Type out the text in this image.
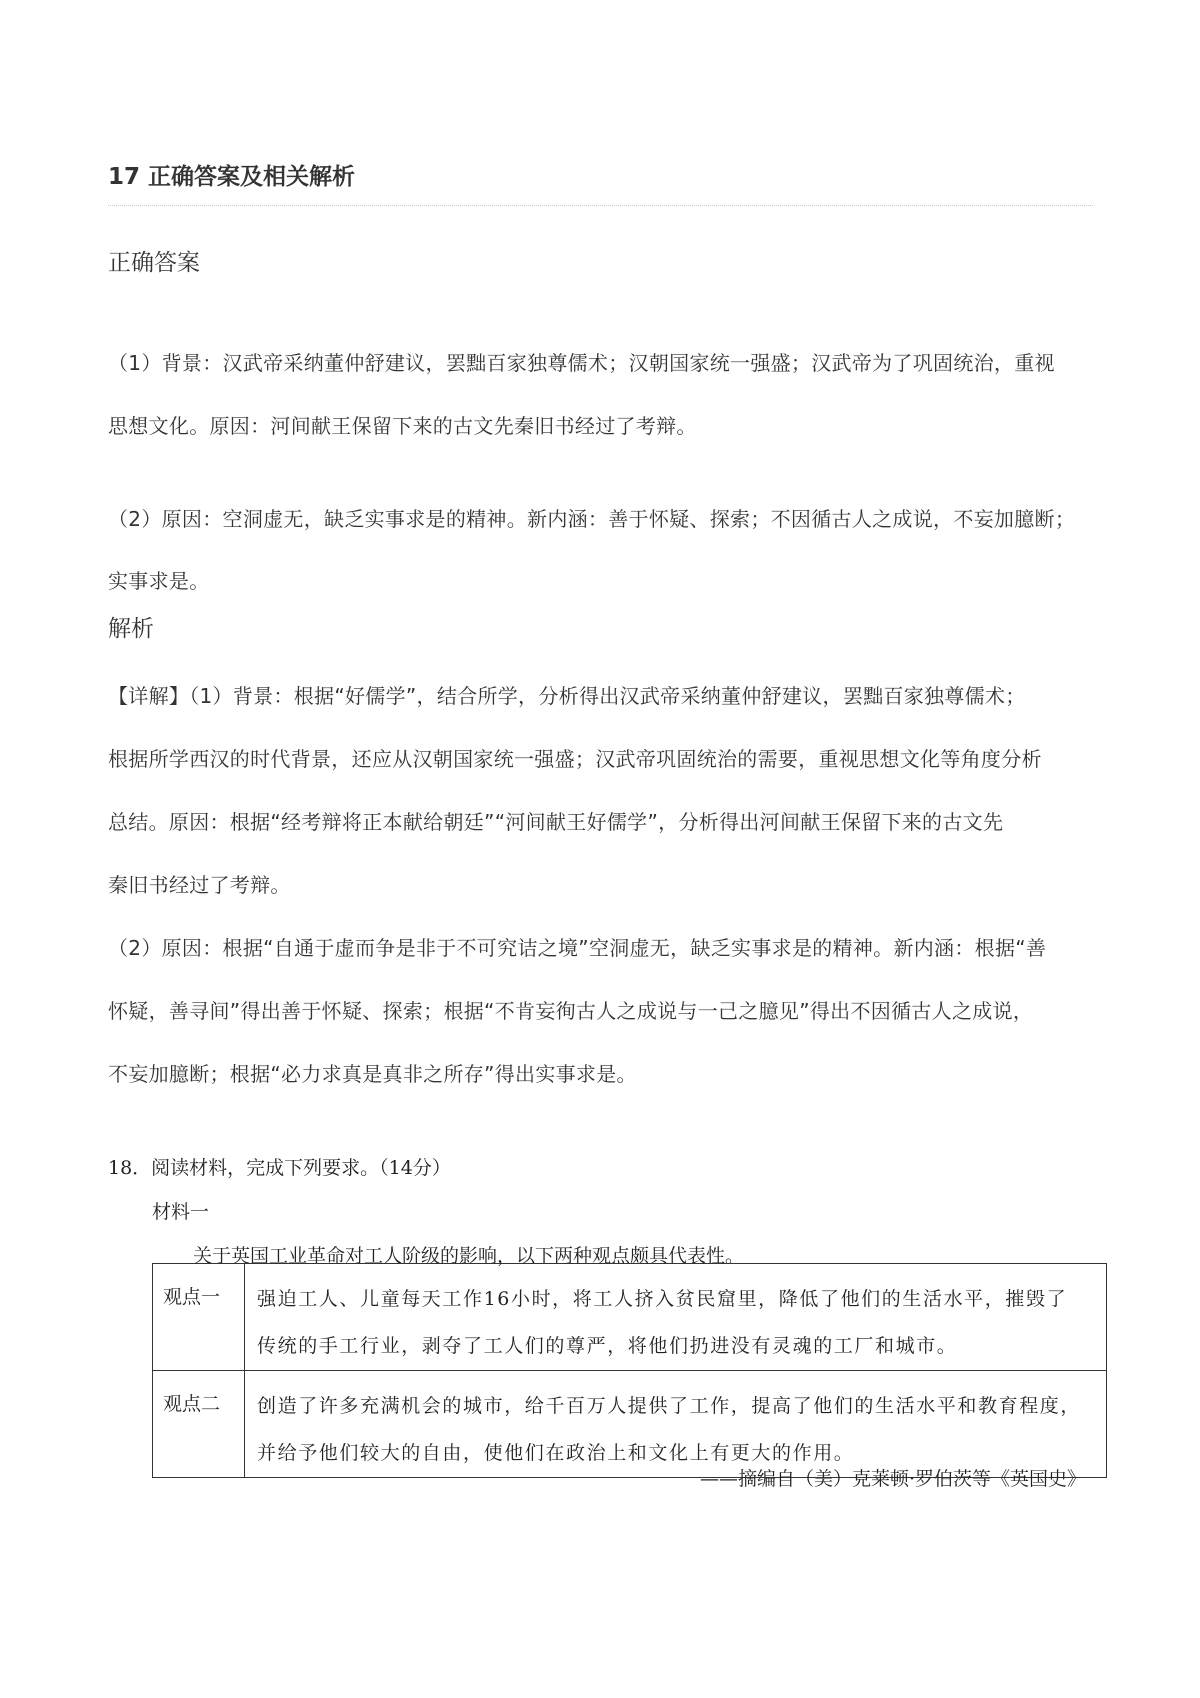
17 正确答案及相关解析
正确答案
（1）背景：汉武帝采纳董仲舒建议，罢黜百家独尊儒术；汉朝国家统一强盛；汉武帝为了巩固统治，重视
思想文化。原因：河间献王保留下来的古文先秦旧书经过了考辩。
（2）原因：空洞虚无，缺乏实事求是的精神。新内涵：善于怀疑、探索；不因循古人之成说，不妄加臆断；
实事求是。
解析
【详解】（1）背景：根据“好儒学”，结合所学，分析得出汉武帝采纳董仲舒建议，罢黜百家独尊儒术；
根据所学西汉的时代背景，还应从汉朝国家统一强盛；汉武帝巩固统治的需要，重视思想文化等角度分析
总结。原因：根据“经考辩将正本献给朝廷”“河间献王好儒学”，分析得出河间献王保留下来的古文先
秦旧书经过了考辩。
（2）原因：根据“自通于虚而争是非于不可究诘之境”空洞虚无，缺乏实事求是的精神。新内涵：根据“善
怀疑，善寻间”得出善于怀疑、探索；根据“不肯妄徇古人之成说与一己之臆见”得出不因循古人之成说，
不妄加臆断；根据“必力求真是真非之所存”得出实事求是。
18．阅读材料，完成下列要求。（14分）
材料一
关于英国工业革命对工人阶级的影响，以下两种观点颇具代表性。
观点一	强迫工人、儿童每天工作16小时，将工人挤入贫民窟里，降低了他们的生活水平，摧毁了
传统的手工行业，剥夺了工人们的尊严，将他们扔进没有灵魂的工厂和城市。

观点二	创造了许多充满机会的城市，给千百万人提供了工作，提高了他们的生活水平和教育程度，
并给予他们较大的自由，使他们在政治上和文化上有更大的作用。
——摘编自（美）克莱顿·罗伯茨等《英国史》
